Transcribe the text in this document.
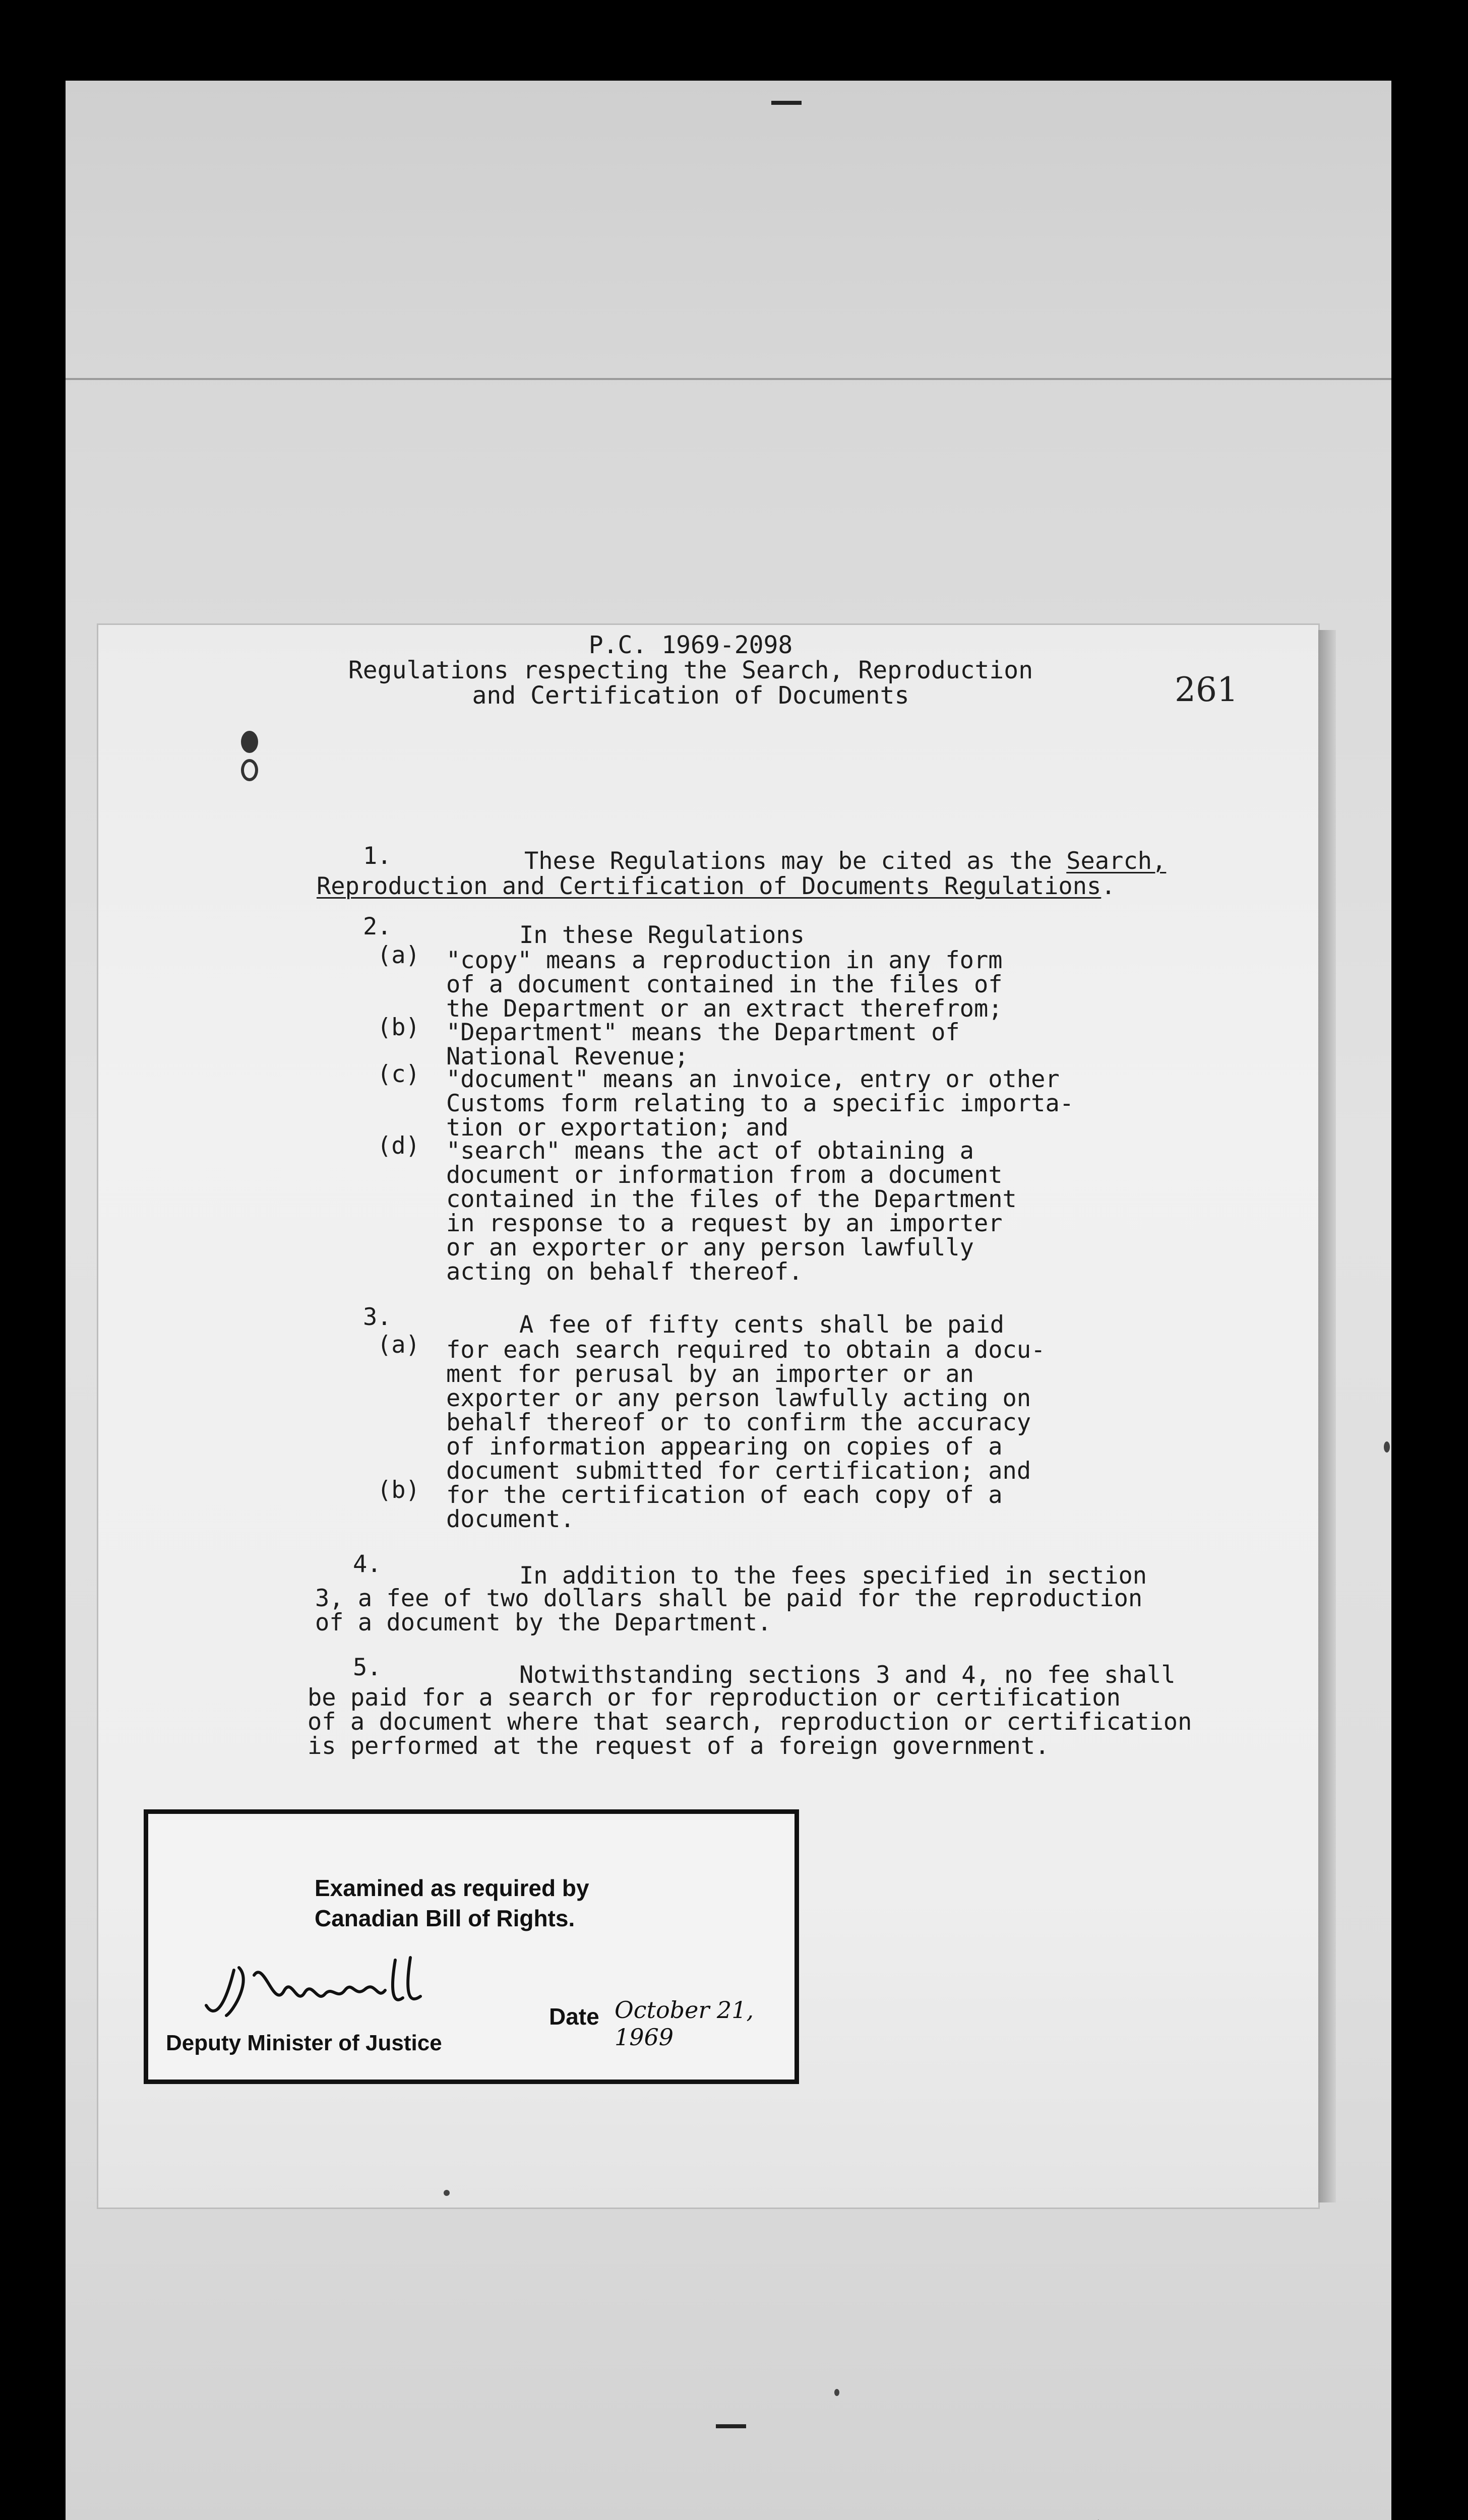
P.C. 1969-2098
Regulations respecting the Search, Reproduction
and Certification of Documents	261
1.	These Regulations may be cited as the Search,
Reproduction and Certification of Documents Regulations.
2.	In these Regulations
(a) "copy" means a reproduction in any form
of a document contained in the files of
the Department or an extract therefrom;
(b) "Department" means the Department of
National Revenue;
(c) "document" means an invoice, entry or other
Customs form relating to a specific importa-
tion or exportation; and
(d) "search" means the act of obtaining a
document or information from a document
contained in the files of the Department
in response to a request by an importer
or an exporter or any person lawfully
acting on behalf thereof.
3.	A fee of fifty cents shall be paid
(a) for each search required to obtain a docu-
ment for perusal by an importer or an
exporter or any person lawfully acting on
behalf thereof or to confirm the accuracy
of information appearing on copies of a
document submitted for certification; and
(b) for the certification of each copy of a
document.
4.	In addition to the fees specified in section
3, a fee of two dollars shall be paid for the reproduction
of a document by the Department.
5.	Notwithstanding sections 3 and 4, no fee shall
be paid for a search or for reproduction or certification
of a document where that search, reproduction or certification
is performed at the request of a foreign government.
Examined as required by
Canadian Bill of Rights.
Date October 21, 1969
Deputy Minister of Justice
